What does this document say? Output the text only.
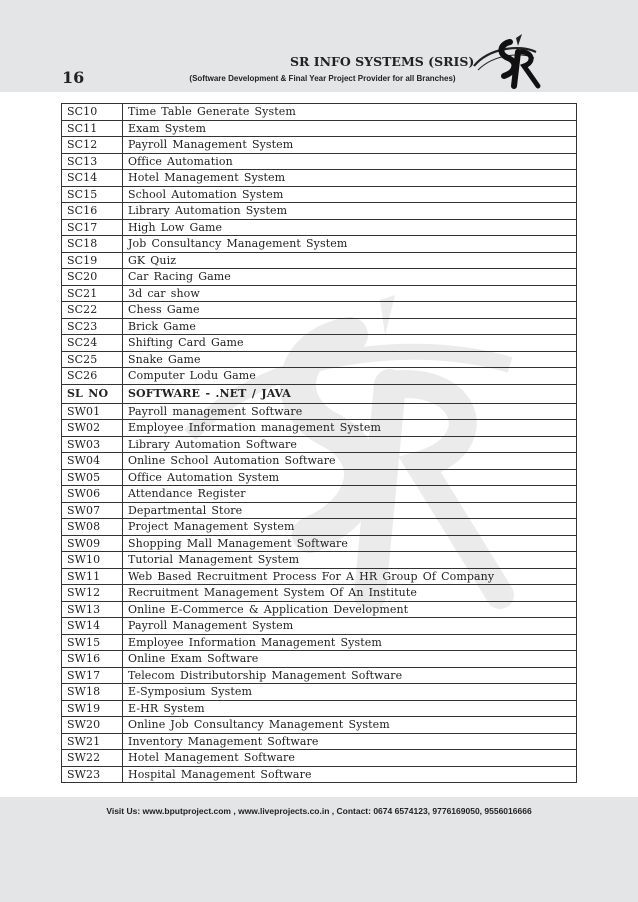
16
SR INFO SYSTEMS (SRIS)
(Software Development & Final Year Project Provider for all Branches)
SC10	Time Table Generate System
SC11	Exam System
SC12	Payroll Management System
SC13	Office Automation
SC14	Hotel Management System
SC15	School Automation System
SC16	Library Automation System
SC17	High Low Game
SC18	Job Consultancy Management System
SC19	GK Quiz
SC20	Car Racing Game
SC21	3d car show
SC22	Chess Game
SC23	Brick Game
SC24	Shifting Card Game
SC25	Snake Game
SC26	Computer Lodu Game
SL NO	SOFTWARE - .NET / JAVA
SW01	Payroll management Software
SW02	Employee Information management System
SW03	Library Automation Software
SW04	Online School Automation Software
SW05	Office Automation System
SW06	Attendance Register
SW07	Departmental Store
SW08	Project Management System
SW09	Shopping Mall Management Software
SW10	Tutorial Management System
SW11	Web Based Recruitment Process For A HR Group Of Company
SW12	Recruitment Management System Of An Institute
SW13	Online E-Commerce & Application Development
SW14	Payroll Management System
SW15	Employee Information Management System
SW16	Online Exam Software
SW17	Telecom Distributorship Management Software
SW18	E-Symposium System
SW19	E-HR System
SW20	Online Job Consultancy Management System
SW21	Inventory Management Software
SW22	Hotel Management Software
SW23	Hospital Management Software
Visit Us: www.bputproject.com , www.liveprojects.co.in , Contact: 0674 6574123, 9776169050, 9556016666
